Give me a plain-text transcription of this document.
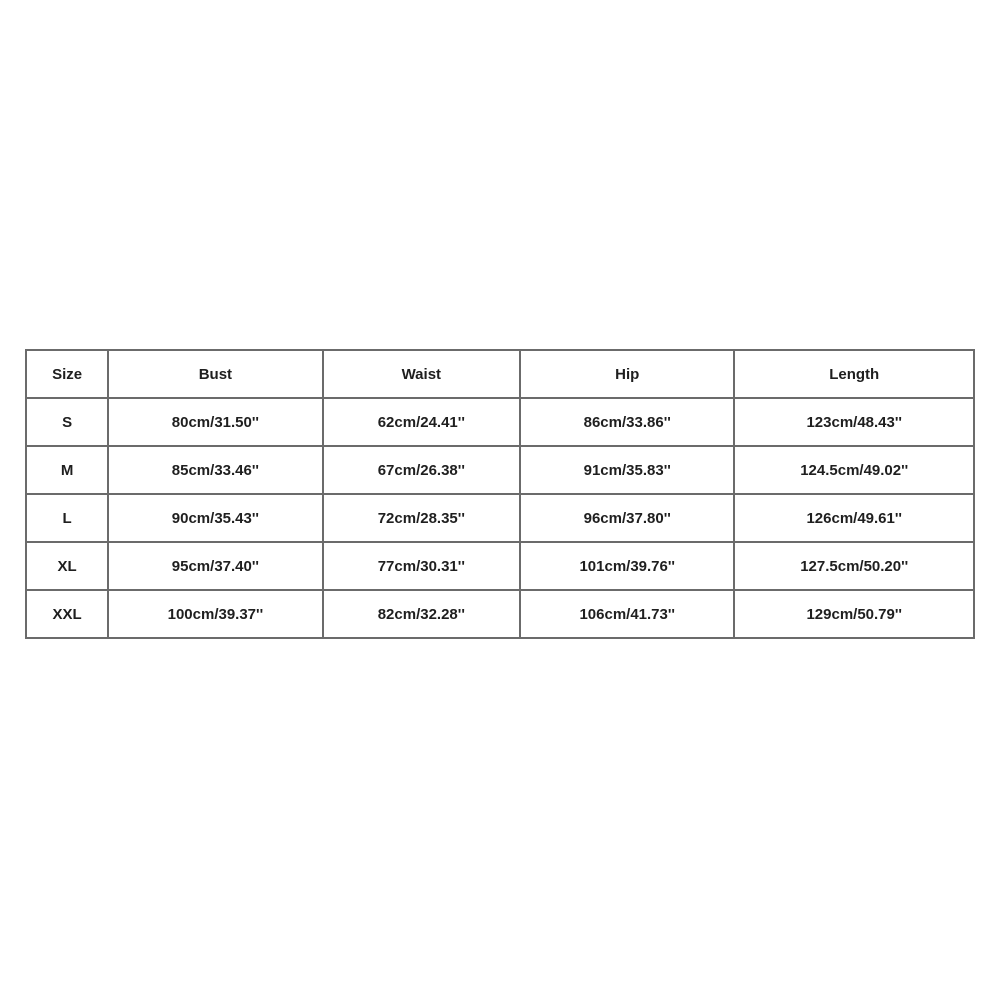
Size	Bust	Waist	Hip	Length
S	80cm/31.50''	62cm/24.41''	86cm/33.86''	123cm/48.43''
M	85cm/33.46''	67cm/26.38''	91cm/35.83''	124.5cm/49.02''
L	90cm/35.43''	72cm/28.35''	96cm/37.80''	126cm/49.61''
XL	95cm/37.40''	77cm/30.31''	101cm/39.76''	127.5cm/50.20''
XXL	100cm/39.37''	82cm/32.28''	106cm/41.73''	129cm/50.79''
